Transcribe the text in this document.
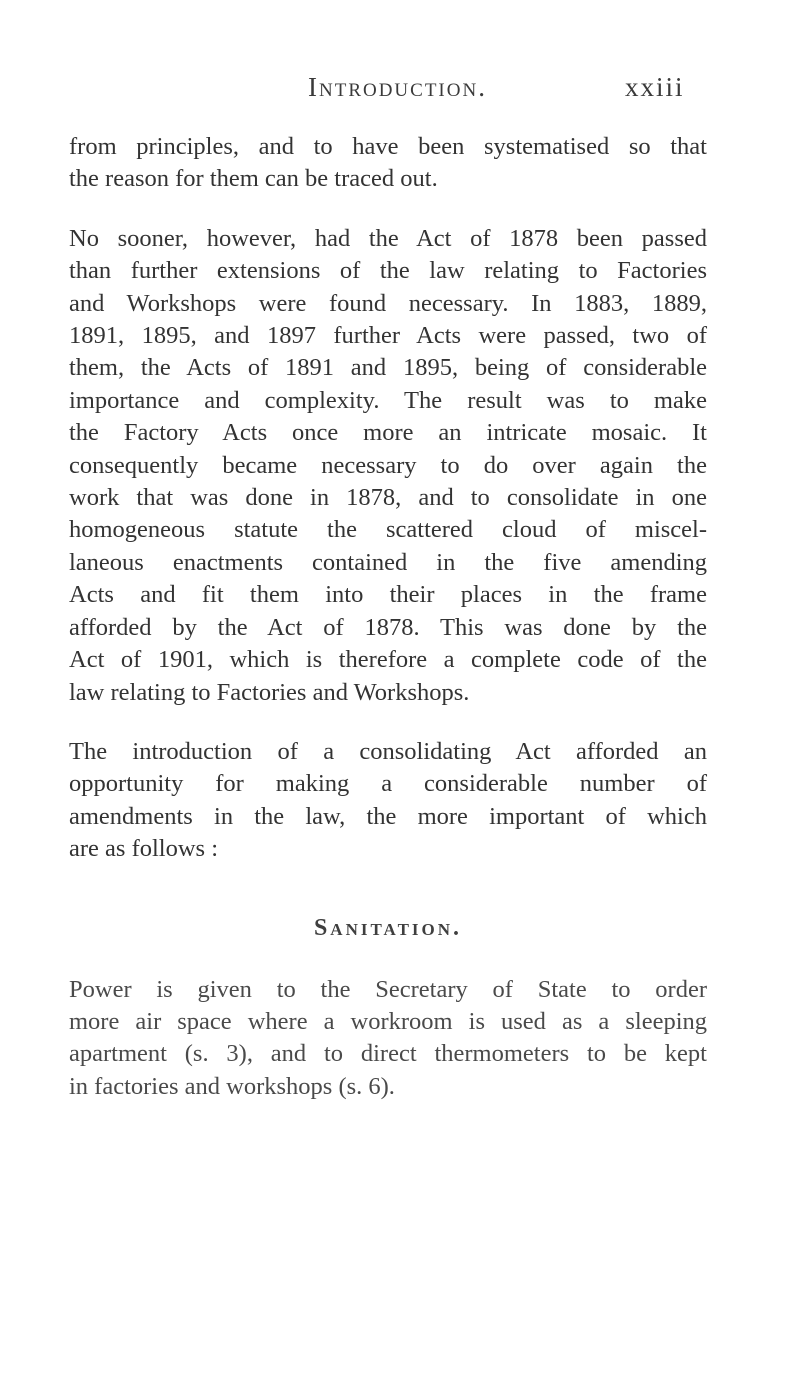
Introduction.	xxiii

from principles, and to have been systematised so that
the reason for them can be traced out.

No sooner, however, had the Act of 1878 been passed
than further extensions of the law relating to Factories
and Workshops were found necessary. In 1883, 1889,
1891, 1895, and 1897 further Acts were passed, two of
them, the Acts of 1891 and 1895, being of considerable
importance and complexity. The result was to make
the Factory Acts once more an intricate mosaic. It
consequently became necessary to do over again the
work that was done in 1878, and to consolidate in one
homogeneous statute the scattered cloud of miscel-
laneous enactments contained in the five amending
Acts and fit them into their places in the frame
afforded by the Act of 1878. This was done by the
Act of 1901, which is therefore a complete code of the
law relating to Factories and Workshops.

The introduction of a consolidating Act afforded an
opportunity for making a considerable number of
amendments in the law, the more important of which
are as follows :

Sanitation.

Power is given to the Secretary of State to order
more air space where a workroom is used as a sleeping
apartment (s. 3), and to direct thermometers to be kept
in factories and workshops (s. 6).
